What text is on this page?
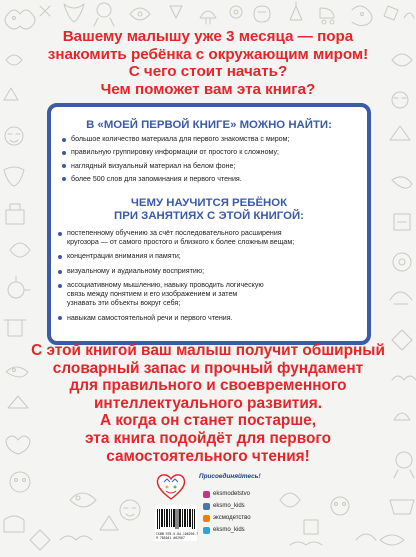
Вашему малышу уже 3 месяца — пора
знакомить ребёнка с окружающим миром!
С чего стоит начать?
Чем поможет вам эта книга?
В «МОЕЙ ПЕРВОЙ КНИГЕ» МОЖНО НАЙТИ:
большое количество материала для первого знакомства с миром;
правильную группировку информации от простого к сложному;
наглядный визуальный материал на белом фоне;
более 500 слов для запоминания и первого чтения.
ЧЕМУ НАУЧИТСЯ РЕБЁНОК
ПРИ ЗАНЯТИЯХ С ЭТОЙ КНИГОЙ:
постепенному обучению за счёт последовательного расширения
кругозора — от самого простого и близкого к более сложным вещам;
концентрации внимания и памяти;
визуальному и аудиальному восприятию;
ассоциативному мышлению, навыку проводить логическую
связь между понятием и его изображением и затем
узнавать эти объекты вокруг себя;
навыкам самостоятельной речи и первого чтения.
С этой книгой ваш малыш получит обширный
словарный запас и прочный фундамент
для правильного и своевременного
интеллектуального развития.
А когда он станет постарше,
эта книга подойдёт для первого
самостоятельного чтения!
ISBN 978-5-04-106296-7
9 785041 062967
Присоединяйтесь!
eksmodetstvo
eksmo_kids
эксмодетство
eksmo_kids
